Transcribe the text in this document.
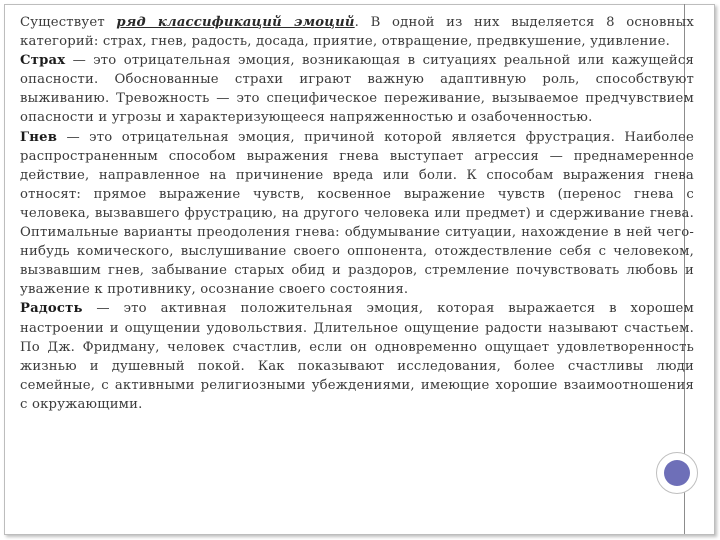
Существует ряд классификаций эмоций. В одной из них выделяется 8 основных категорий: страх, гнев, радость, досада, приятие, отвращение, предвкушение, удивление.

Страх — это отрицательная эмоция, возникающая в ситуациях реальной или кажущейся опасности. Обоснованные страхи играют важную адаптивную роль, способствуют выживанию. Тревожность — это специфическое переживание, вызываемое предчувствием опасности и угрозы и характеризующееся напряженностью и озабоченностью.

Гнев — это отрицательная эмоция, причиной которой является фрустрация. Наиболее распространенным способом выражения гнева выступает агрессия — преднамеренное действие, направленное на причинение вреда или боли. К способам выражения гнева относят: прямое выражение чувств, косвенное выражение чувств (перенос гнева с человека, вызвавшего фрустрацию, на другого человека или предмет) и сдерживание гнева. Оптимальные варианты преодоления гнева: обдумывание ситуации, нахождение в ней чего-нибудь комического, выслушивание своего оппонента, отождествление себя с человеком, вызвавшим гнев, забывание старых обид и раздоров, стремление почувствовать любовь и уважение к противнику, осознание своего состояния.

Радость — это активная положительная эмоция, которая выражается в хорошем настроении и ощущении удовольствия. Длительное ощущение радости называют счастьем. По Дж. Фридману, человек счастлив, если он одновременно ощущает удовлетворенность жизнью и душевный покой. Как показывают исследования, более счастливы люди семейные, с активными религиозными убеждениями, имеющие хорошие взаимоотношения с окружающими.
